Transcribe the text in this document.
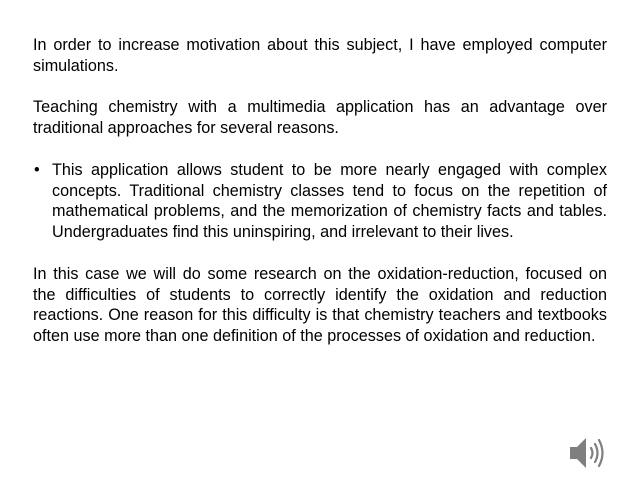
In order to increase motivation about this subject, I have employed computer simulations.

Teaching chemistry with a multimedia application has an advantage over traditional approaches for several reasons.

• This application allows student to be more nearly engaged with complex concepts. Traditional chemistry classes tend to focus on the repetition of mathematical problems, and the memorization of chemistry facts and tables. Undergraduates find this uninspiring, and irrelevant to their lives.

In this case we will do some research on the oxidation-reduction, focused on the difficulties of students to correctly identify the oxidation and reduction reactions. One reason for this difficulty is that chemistry teachers and textbooks often use more than one definition of the processes of oxidation and reduction.
